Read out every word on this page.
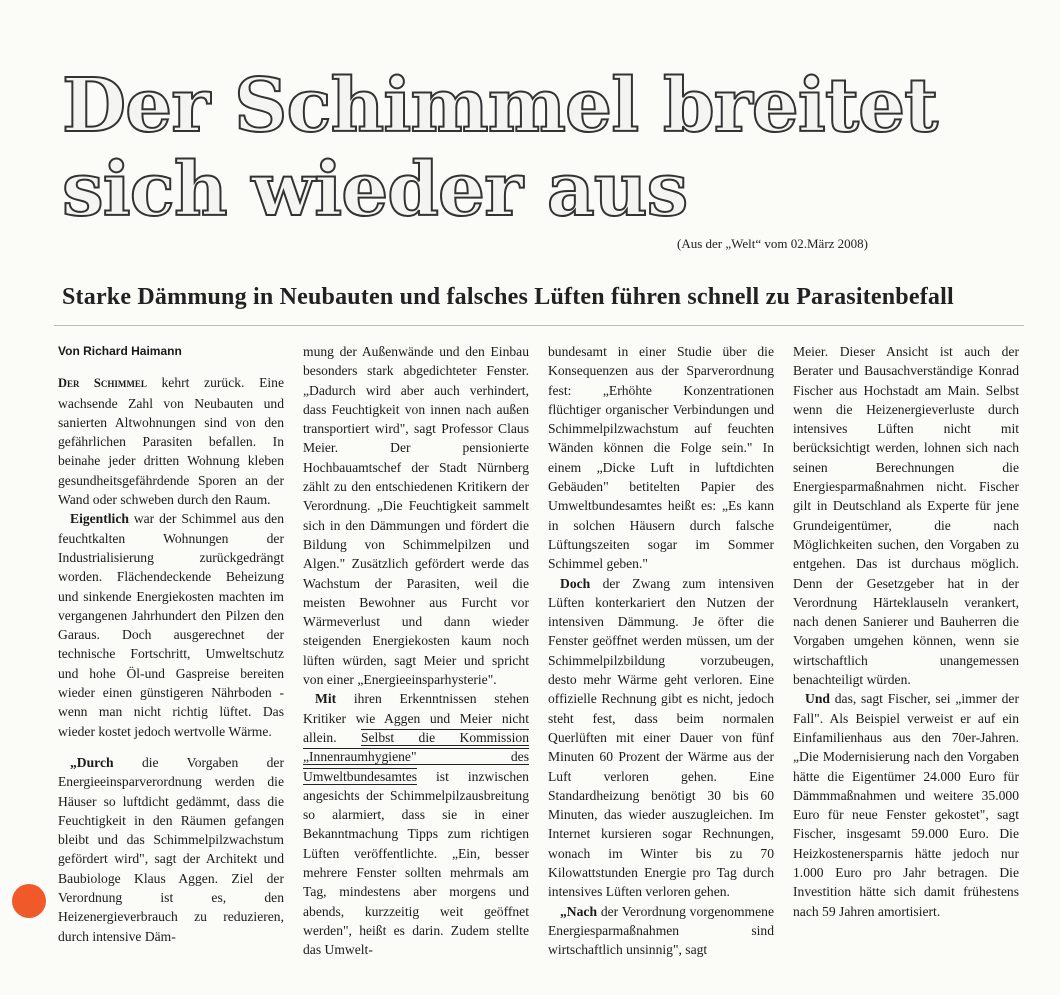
Der Schimmel breitet
sich wieder aus
(Aus der „Welt“ vom 02.März 2008)
Starke Dämmung in Neubauten und falsches Lüften führen schnell zu Parasitenbefall
Von Richard Haimann

Der Schimmel kehrt zurück. Eine wachsende Zahl von Neubauten und sanierten Altwohnungen sind von den gefährlichen Parasiten befallen. In beinahe jeder dritten Wohnung kleben gesundheitsgefährdende Sporen an der Wand oder schweben durch den Raum.

Eigentlich war der Schimmel aus den feuchtkalten Wohnungen der Industrialisierung zurückgedrängt worden. Flächendeckende Beheizung und sinkende Energiekosten machten im vergangenen Jahrhundert den Pilzen den Garaus. Doch ausgerechnet der technische Fortschritt, Umweltschutz und hohe Öl-und Gaspreise bereiten wieder einen günstigeren Nährboden - wenn man nicht richtig lüftet. Das wieder kostet jedoch wertvolle Wärme.

„Durch die Vorgaben der Energieeinsparverordnung werden die Häuser so luftdicht gedämmt, dass die Feuchtigkeit in den Räumen gefangen bleibt und das Schimmelpilzwachstum gefördert wird", sagt der Architekt und Baubiologe Klaus Aggen. Ziel der Verordnung ist es, den Heizenergieverbrauch zu reduzieren, durch intensive Däm-

mung der Außenwände und den Einbau besonders stark abgedichteter Fenster. „Dadurch wird aber auch verhindert, dass Feuchtigkeit von innen nach außen transportiert wird", sagt Professor Claus Meier. Der pensionierte Hochbauamtschef der Stadt Nürnberg zählt zu den entschiedenen Kritikern der Verordnung. „Die Feuchtigkeit sammelt sich in den Dämmungen und fördert die Bildung von Schimmelpilzen und Algen." Zusätzlich gefördert werde das Wachstum der Parasiten, weil die meisten Bewohner aus Furcht vor Wärmeverlust und dann wieder steigenden Energiekosten kaum noch lüften würden, sagt Meier und spricht von einer „Energieeinsparhysterie".

Mit ihren Erkenntnissen stehen Kritiker wie Aggen und Meier nicht allein. Selbst die Kommission „Innenraumhygiene" des Umweltbundesamtes ist inzwischen angesichts der Schimmelpilzausbreitung so alarmiert, dass sie in einer Bekanntmachung Tipps zum richtigen Lüften veröffentlichte. „Ein, besser mehrere Fenster sollten mehrmals am Tag, mindestens aber morgens und abends, kurzzeitig weit geöffnet werden", heißt es darin. Zudem stellte das Umwelt-

bundesamt in einer Studie über die Konsequenzen aus der Sparverordnung fest: „Erhöhte Konzentrationen flüchtiger organischer Verbindungen und Schimmelpilzwachstum auf feuchten Wänden können die Folge sein." In einem „Dicke Luft in luftdichten Gebäuden" betitelten Papier des Umweltbundesamtes heißt es: „Es kann in solchen Häusern durch falsche Lüftungszeiten sogar im Sommer Schimmel geben."

Doch der Zwang zum intensiven Lüften konterkariert den Nutzen der intensiven Dämmung. Je öfter die Fenster geöffnet werden müssen, um der Schimmelpilzbildung vorzubeugen, desto mehr Wärme geht verloren. Eine offizielle Rechnung gibt es nicht, jedoch steht fest, dass beim normalen Querlüften mit einer Dauer von fünf Minuten 60 Prozent der Wärme aus der Luft verloren gehen. Eine Standardheizung benötigt 30 bis 60 Minuten, das wieder auszugleichen. Im Internet kursieren sogar Rechnungen, wonach im Winter bis zu 70 Kilowattstunden Energie pro Tag durch intensives Lüften verloren gehen.

„Nach der Verordnung vorgenommene Energiesparmaßnahmen sind wirtschaftlich unsinnig", sagt

Meier. Dieser Ansicht ist auch der Berater und Bausachverständige Konrad Fischer aus Hochstadt am Main. Selbst wenn die Heizenergieverluste durch intensives Lüften nicht mit berücksichtigt werden, lohnen sich nach seinen Berechnungen die Energiesparmaßnahmen nicht. Fischer gilt in Deutschland als Experte für jene Grundeigentümer, die nach Möglichkeiten suchen, den Vorgaben zu entgehen. Das ist durchaus möglich. Denn der Gesetzgeber hat in der Verordnung Härteklauseln verankert, nach denen Sanierer und Bauherren die Vorgaben umgehen können, wenn sie wirtschaftlich unangemessen benachteiligt würden.

Und das, sagt Fischer, sei „immer der Fall". Als Beispiel verweist er auf ein Einfamilienhaus aus den 70er-Jahren. „Die Modernisierung nach den Vorgaben hätte die Eigentümer 24.000 Euro für Dämmmaßnahmen und weitere 35.000 Euro für neue Fenster gekostet", sagt Fischer, insgesamt 59.000 Euro. Die Heizkostenersparnis hätte jedoch nur 1.000 Euro pro Jahr betragen. Die Investition hätte sich damit frühestens nach 59 Jahren amortisiert.
